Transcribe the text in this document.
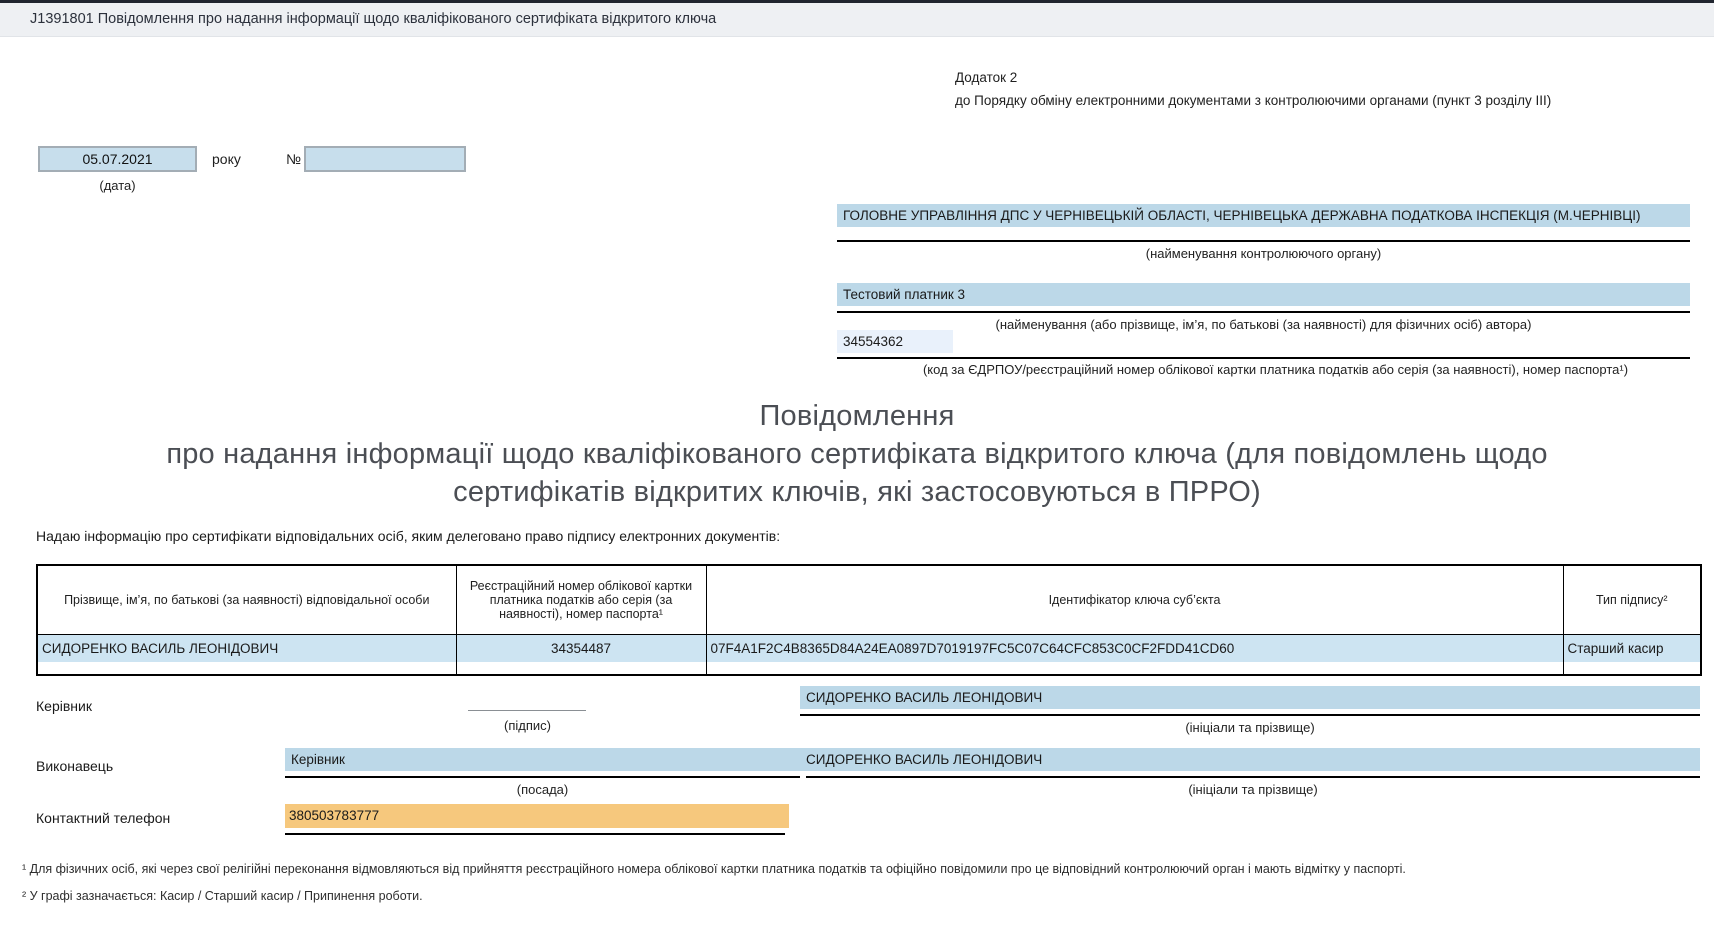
J1391801 Повідомлення про надання інформації щодо кваліфікованого сертифіката відкритого ключа
Додаток 2
до Порядку обміну електронними документами з контролюючими органами (пункт 3 розділу III)
05.07.2021
року	№
(дата)
ГОЛОВНЕ УПРАВЛІННЯ ДПС У ЧЕРНІВЕЦЬКІЙ ОБЛАСТІ, ЧЕРНІВЕЦЬКА ДЕРЖАВНА ПОДАТКОВА ІНСПЕКЦІЯ (М.ЧЕРНІВЦІ)
(найменування контролюючого органу)
Тестовий платник 3
(найменування (або прізвище, ім’я, по батькові (за наявності) для фізичних осіб) автора)
34554362
(код за ЄДРПОУ/реєстраційний номер облікової картки платника податків або серія (за наявності), номер паспорта¹)
Повідомлення
про надання інформації щодо кваліфікованого сертифіката відкритого ключа (для повідомлень щодо
сертифікатів відкритих ключів, які застосовуються в ПРРО)
Надаю інформацію про сертифікати відповідальних осіб, яким делеговано право підпису електронних документів:
Прізвище, ім’я, по батькові (за наявності) відповідальної особи	Реєстраційний номер облікової картки платника податків або серія (за наявності), номер паспорта¹	Ідентифікатор ключа суб’єкта	Тип підпису²

СИДОРЕНКО ВАСИЛЬ ЛЕОНІДОВИЧ	34354487	07F4A1F2C4B8365D84A24EA0897D7019197FC5C07C64CFC853C0CF2FDD41CD60	Старший касир
Керівник
(підпис)
СИДОРЕНКО ВАСИЛЬ ЛЕОНІДОВИЧ
(ініціали та прізвище)
Виконавець	Керівник	СИДОРЕНКО ВАСИЛЬ ЛЕОНІДОВИЧ
(посада)	(ініціали та прізвище)
Контактний телефон	380503783777
¹ Для фізичних осіб, які через свої релігійні переконання відмовляються від прийняття реєстраційного номера облікової картки платника податків та офіційно повідомили про це відповідний контролюючий орган і мають відмітку у паспорті.
² У графі зазначається: Касир / Старший касир / Припинення роботи.
